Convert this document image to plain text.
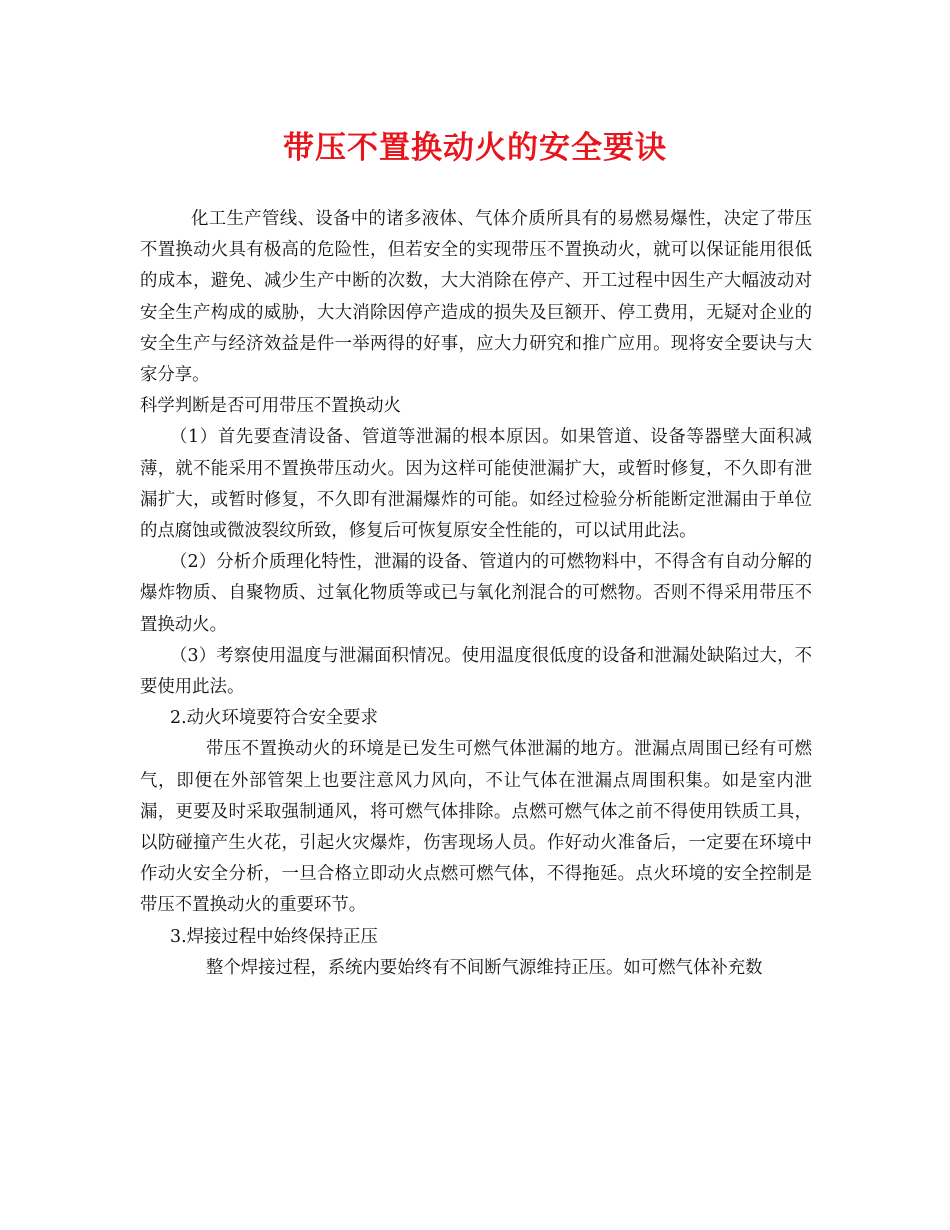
带压不置换动火的安全要诀

化工生产管线、设备中的诸多液体、气体介质所具有的易燃易爆性，决定了带压不置换动火具有极高的危险性，但若安全的实现带压不置换动火，就可以保证能用很低的成本，避免、减少生产中断的次数，大大消除在停产、开工过程中因生产大幅波动对安全生产构成的威胁，大大消除因停产造成的损失及巨额开、停工费用，无疑对企业的安全生产与经济效益是件一举两得的好事，应大力研究和推广应用。现将安全要诀与大家分享。

科学判断是否可用带压不置换动火

（1）首先要查清设备、管道等泄漏的根本原因。如果管道、设备等器壁大面积减薄，就不能采用不置换带压动火。因为这样可能使泄漏扩大，或暂时修复，不久即有泄漏扩大，或暂时修复，不久即有泄漏爆炸的可能。如经过检验分析能断定泄漏由于单位的点腐蚀或微波裂纹所致，修复后可恢复原安全性能的，可以试用此法。

（2）分析介质理化特性，泄漏的设备、管道内的可燃物料中，不得含有自动分解的爆炸物质、自聚物质、过氧化物质等或已与氧化剂混合的可燃物。否则不得采用带压不置换动火。

（3）考察使用温度与泄漏面积情况。使用温度很低度的设备和泄漏处缺陷过大，不要使用此法。

2.动火环境要符合安全要求

带压不置换动火的环境是已发生可燃气体泄漏的地方。泄漏点周围已经有可燃气，即便在外部管架上也要注意风力风向，不让气体在泄漏点周围积集。如是室内泄漏，更要及时采取强制通风，将可燃气体排除。点燃可燃气体之前不得使用铁质工具，以防碰撞产生火花，引起火灾爆炸，伤害现场人员。作好动火准备后，一定要在环境中作动火安全分析，一旦合格立即动火点燃可燃气体，不得拖延。点火环境的安全控制是带压不置换动火的重要环节。

3.焊接过程中始终保持正压

整个焊接过程，系统内要始终有不间断气源维持正压。如可燃气体补充数
